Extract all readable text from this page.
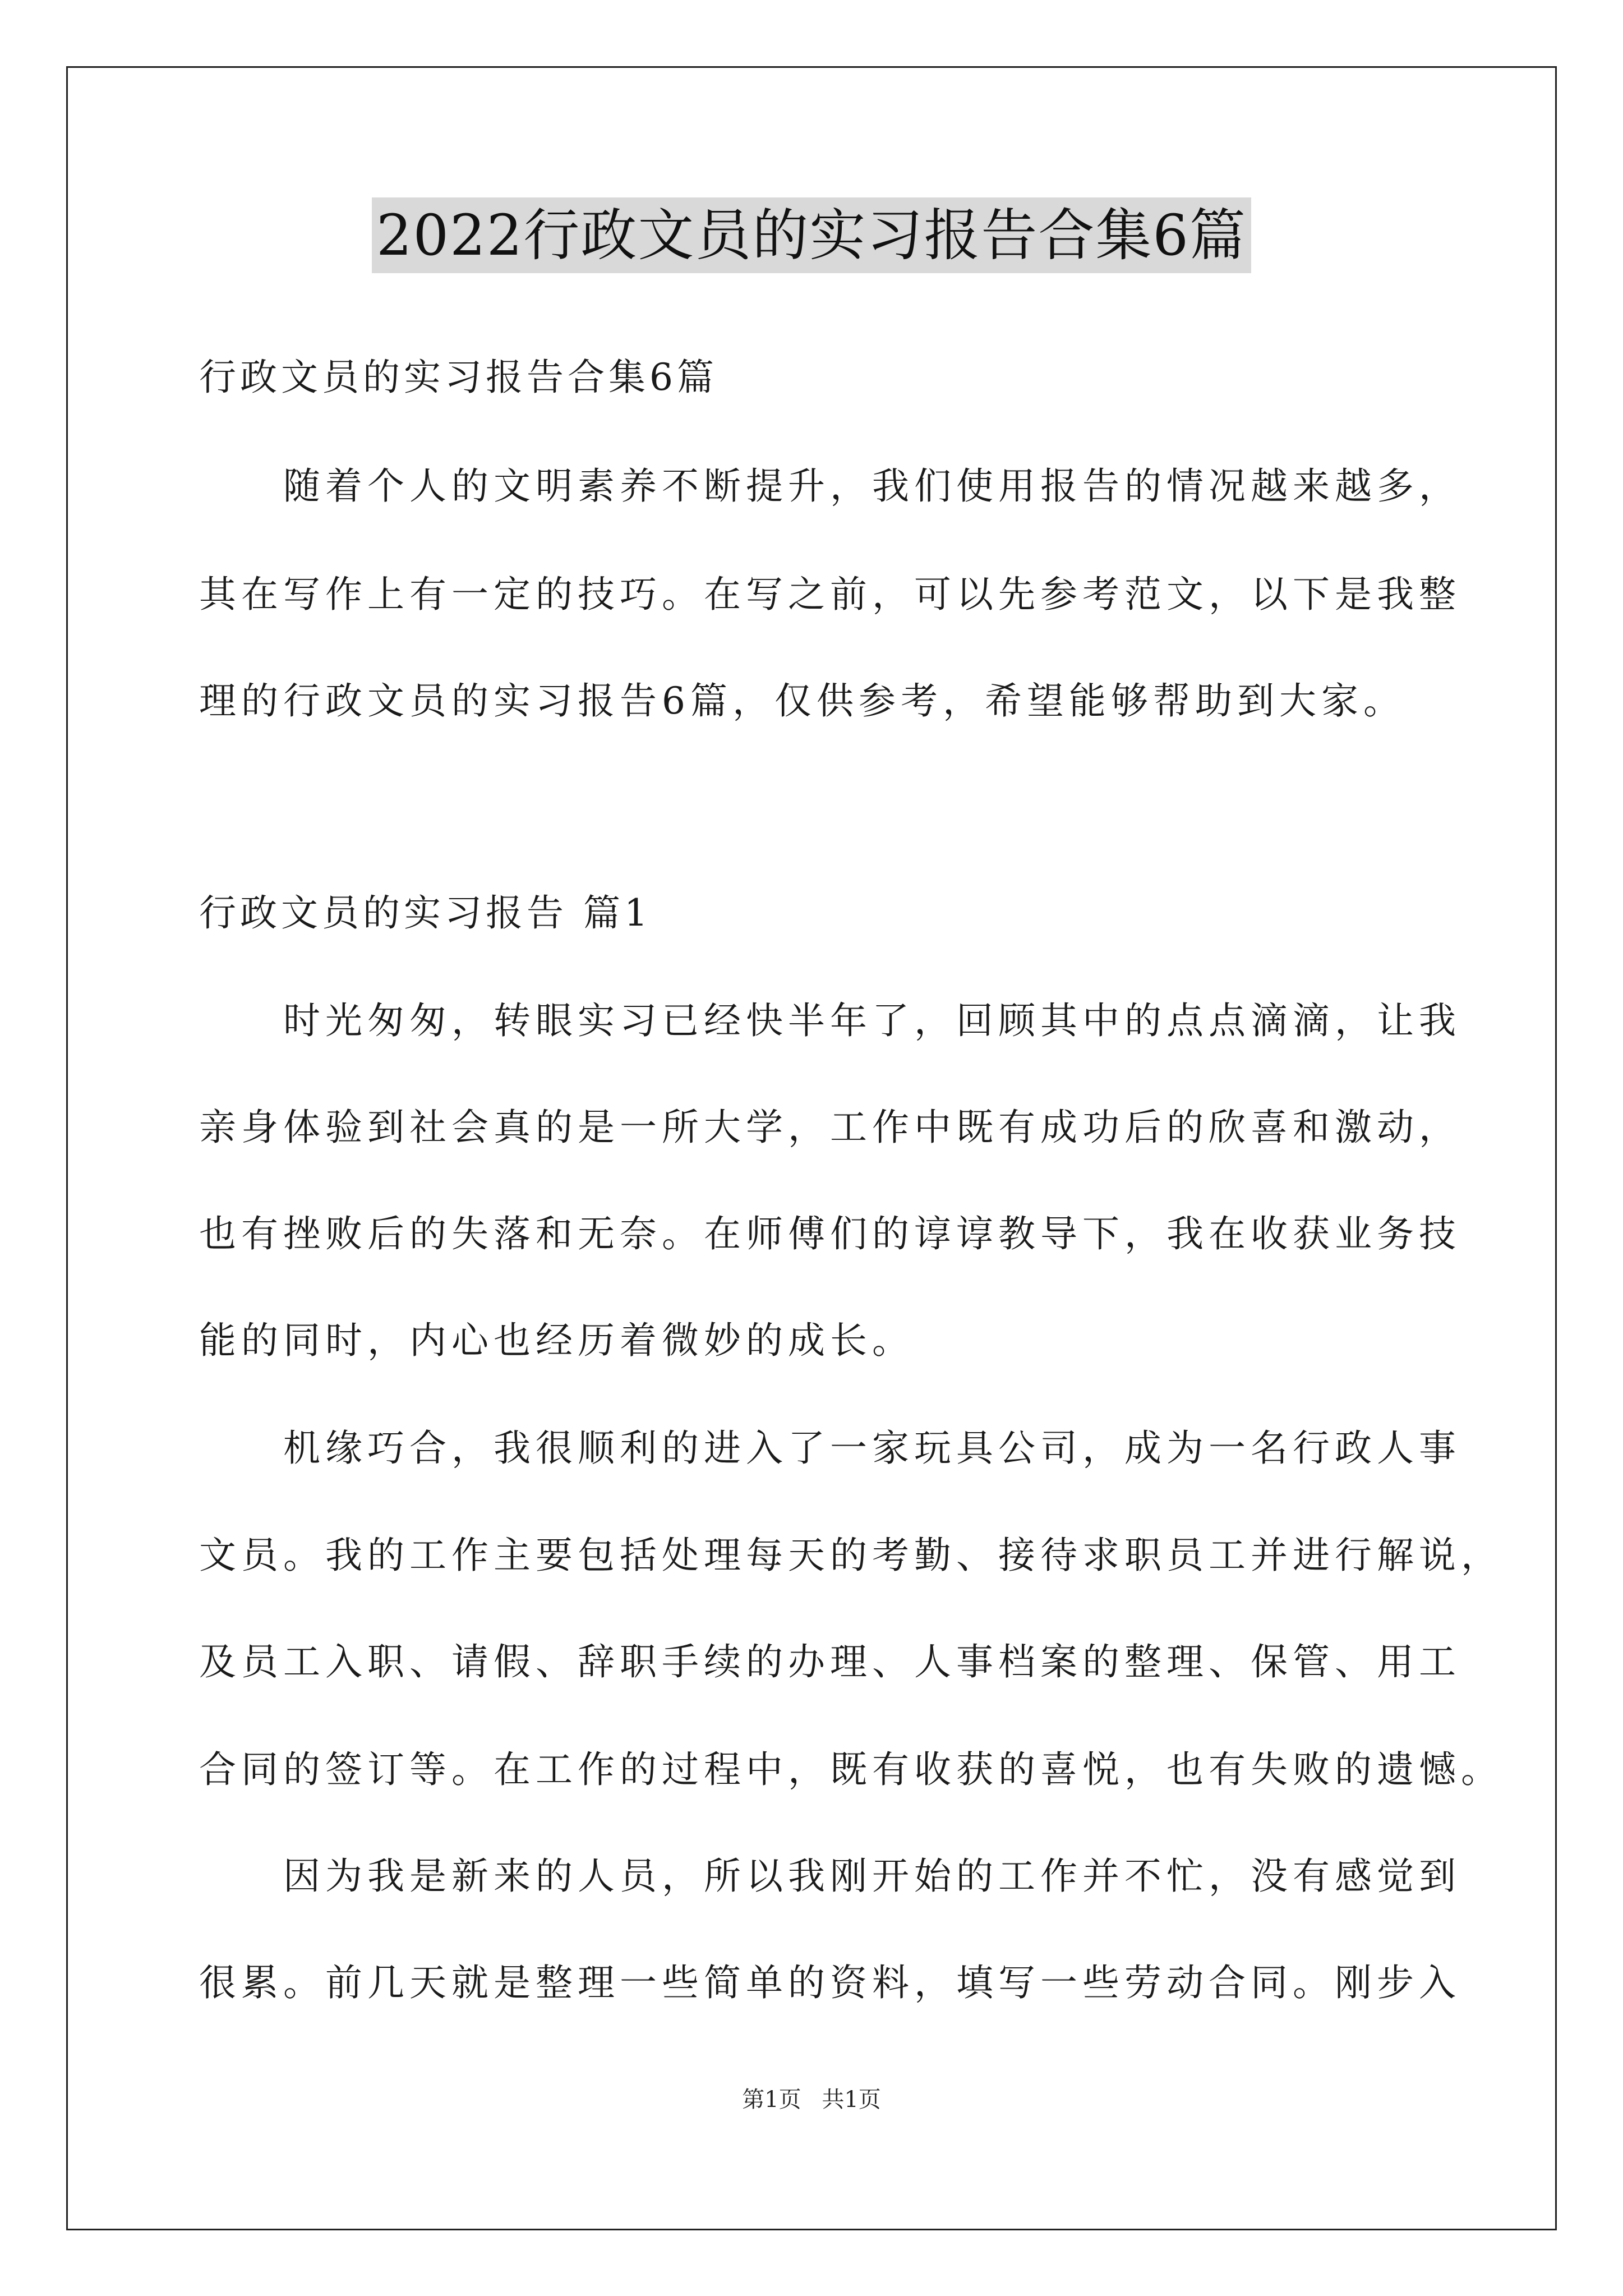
2022行政文员的实习报告合集6篇
行政文员的实习报告合集6篇
随着个人的文明素养不断提升，我们使用报告的情况越来越多，
其在写作上有一定的技巧。在写之前，可以先参考范文，以下是我整
理的行政文员的实习报告6篇，仅供参考，希望能够帮助到大家。
行政文员的实习报告 篇1
时光匆匆，转眼实习已经快半年了，回顾其中的点点滴滴，让我
亲身体验到社会真的是一所大学，工作中既有成功后的欣喜和激动，
也有挫败后的失落和无奈。在师傅们的谆谆教导下，我在收获业务技
能的同时，内心也经历着微妙的成长。
机缘巧合，我很顺利的进入了一家玩具公司，成为一名行政人事
文员。我的工作主要包括处理每天的考勤、接待求职员工并进行解说，
及员工入职、请假、辞职手续的办理、人事档案的整理、保管、用工
合同的签订等。在工作的过程中，既有收获的喜悦，也有失败的遗憾。
因为我是新来的人员，所以我刚开始的工作并不忙，没有感觉到
很累。前几天就是整理一些简单的资料，填写一些劳动合同。刚步入
第1页 共1页
